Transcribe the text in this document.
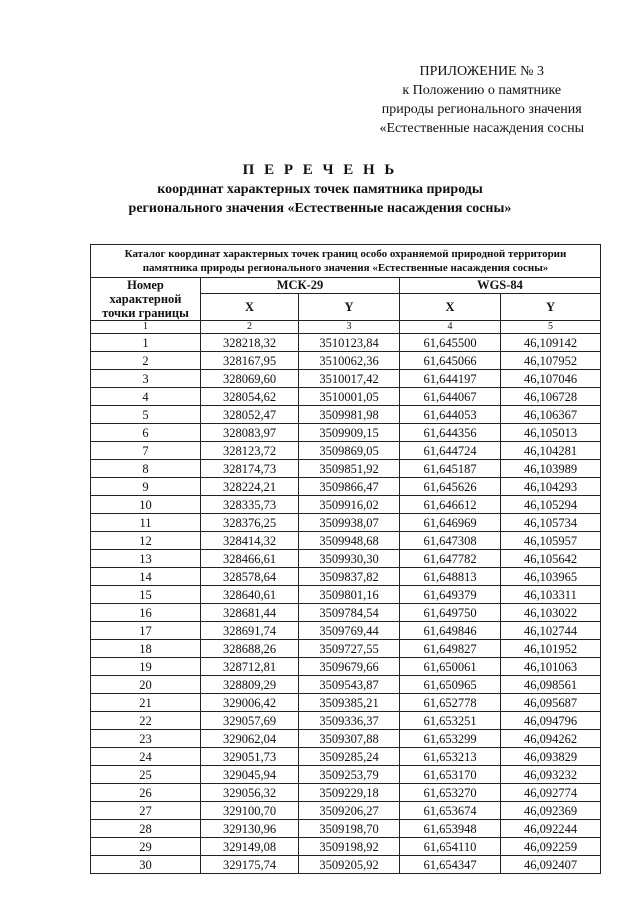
ПРИЛОЖЕНИЕ № 3
к Положению о памятнике
природы регионального значения
«Естественные насаждения сосны
П Е Р Е Ч Е Н Ь
координат характерных точек памятника природы
регионального значения «Естественные насаждения сосны»
Каталог координат характерных точек границ особо охраняемой природной территории
памятника природы регионального значения «Естественные насаждения сосны»				

Номер характерной точки границы	МСК-29		WGS-84	
	X	Y	X	Y
1	2	3	4	5
1	328218,32	3510123,84	61,645500	46,109142
2	328167,95	3510062,36	61,645066	46,107952
3	328069,60	3510017,42	61,644197	46,107046
4	328054,62	3510001,05	61,644067	46,106728
5	328052,47	3509981,98	61,644053	46,106367
6	328083,97	3509909,15	61,644356	46,105013
7	328123,72	3509869,05	61,644724	46,104281
8	328174,73	3509851,92	61,645187	46,103989
9	328224,21	3509866,47	61,645626	46,104293
10	328335,73	3509916,02	61,646612	46,105294
11	328376,25	3509938,07	61,646969	46,105734
12	328414,32	3509948,68	61,647308	46,105957
13	328466,61	3509930,30	61,647782	46,105642
14	328578,64	3509837,82	61,648813	46,103965
15	328640,61	3509801,16	61,649379	46,103311
16	328681,44	3509784,54	61,649750	46,103022
17	328691,74	3509769,44	61,649846	46,102744
18	328688,26	3509727,55	61,649827	46,101952
19	328712,81	3509679,66	61,650061	46,101063
20	328809,29	3509543,87	61,650965	46,098561
21	329006,42	3509385,21	61,652778	46,095687
22	329057,69	3509336,37	61,653251	46,094796
23	329062,04	3509307,88	61,653299	46,094262
24	329051,73	3509285,24	61,653213	46,093829
25	329045,94	3509253,79	61,653170	46,093232
26	329056,32	3509229,18	61,653270	46,092774
27	329100,70	3509206,27	61,653674	46,092369
28	329130,96	3509198,70	61,653948	46,092244
29	329149,08	3509198,92	61,654110	46,092259
30	329175,74	3509205,92	61,654347	46,092407
